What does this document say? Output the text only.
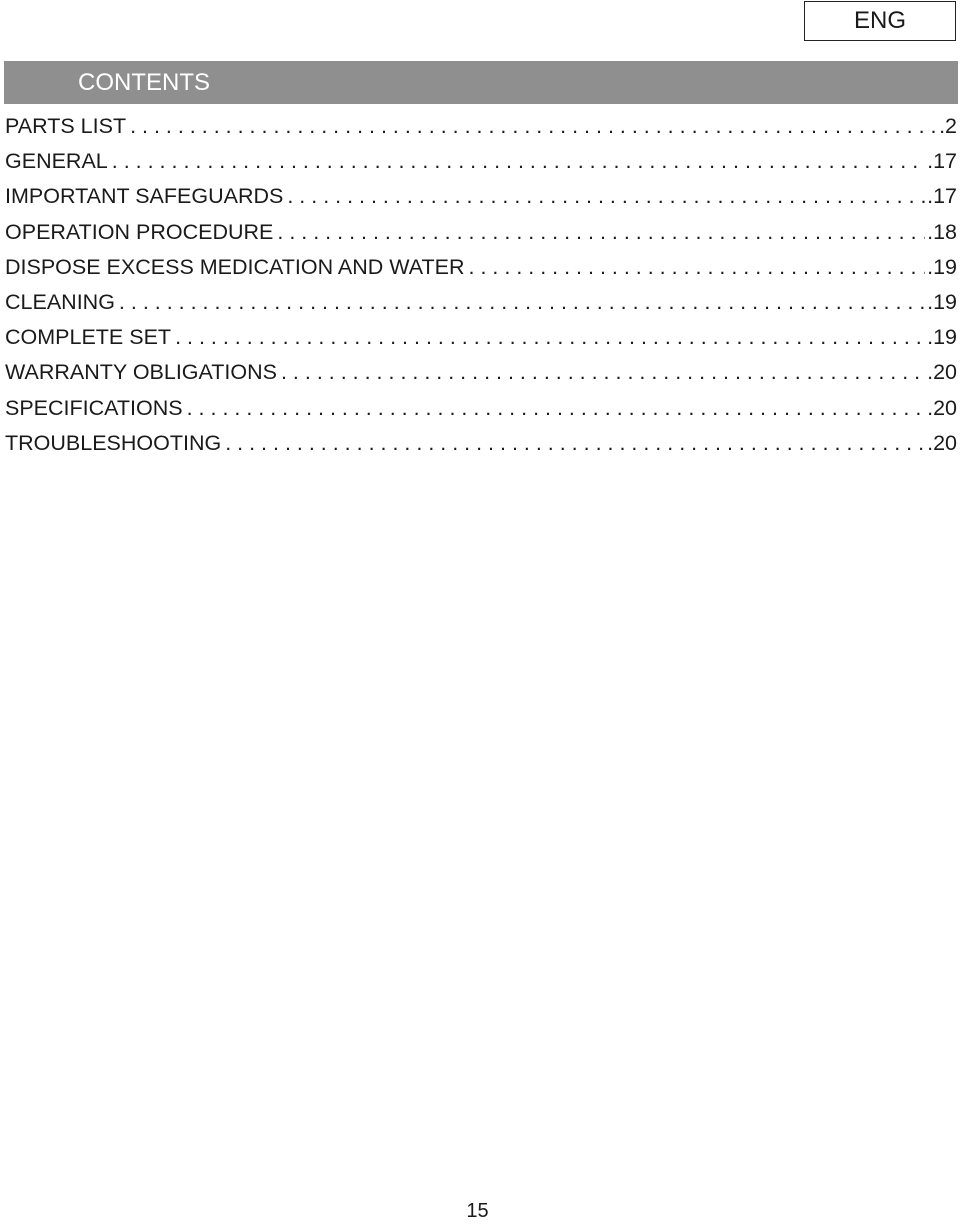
ENG
CONTENTS
PARTS LIST . . .	.2
GENERAL . . .	.17
IMPORTANT SAFEGUARDS . . .	.17
OPERATION PROCEDURE . . .	.18
DISPOSE EXCESS MEDICATION AND WATER . . .	.19
CLEANING . . .	.19
COMPLETE SET . . .	.19
WARRANTY OBLIGATIONS . . .	.20
SPECIFICATIONS . . .	.20
TROUBLESHOOTING . . .	.20
15
